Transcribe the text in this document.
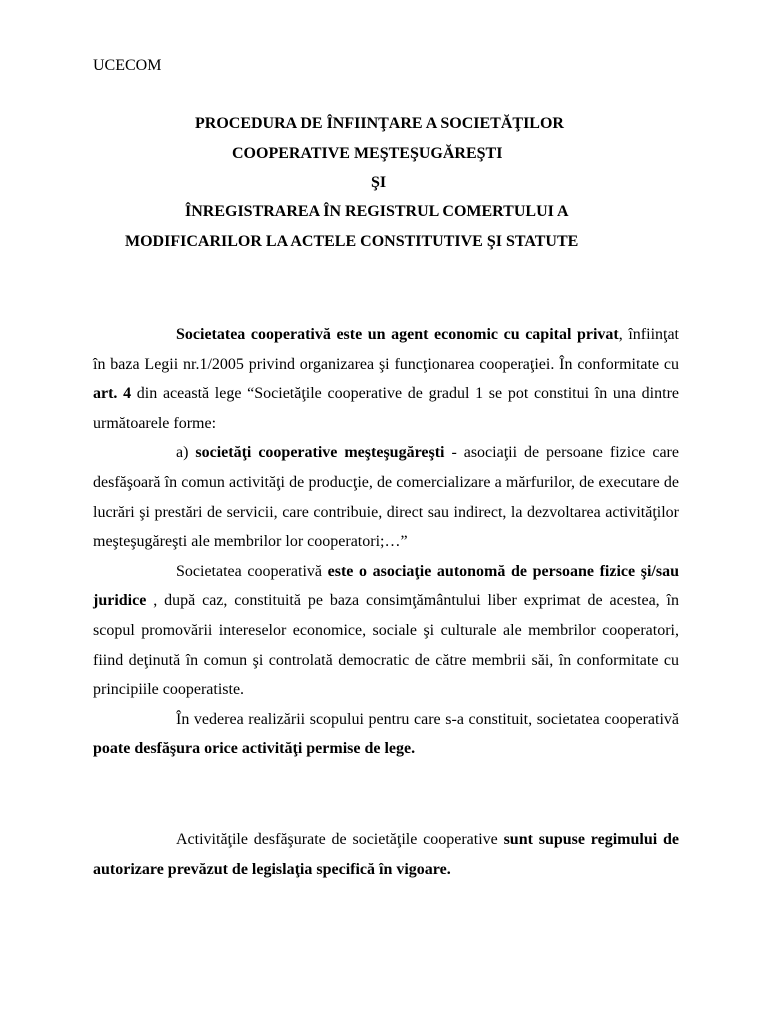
UCECOM
PROCEDURA DE ÎNFIINŢARE A SOCIETĂŢILOR
COOPERATIVE MEŞTEŞUGĂREŞTI
ŞI
ÎNREGISTRAREA ÎN REGISTRUL COMERTULUI A
MODIFICARILOR LA ACTELE CONSTITUTIVE ŞI STATUTE

Societatea cooperativă este un agent economic cu capital privat, înfiinţat în baza Legii nr.1/2005 privind organizarea şi funcţionarea cooperaţiei. În conformitate cu art. 4 din această lege “Societăţile cooperative de gradul 1 se pot constitui în una dintre următoarele forme:

a) societăţi cooperative meşteşugăreşti - asociaţii de persoane fizice care desfăşoară în comun activităţi de producţie, de comercializare a mărfurilor, de executare de lucrări şi prestări de servicii, care contribuie, direct sau indirect, la dezvoltarea activităţilor meşteşugăreşti ale membrilor lor cooperatori;…”

Societatea cooperativă este o asociaţie autonomă de persoane fizice şi/sau juridice , după caz, constituită pe baza consimţământului liber exprimat de acestea, în scopul promovării intereselor economice, sociale şi culturale ale membrilor cooperatori, fiind deţinută în comun şi controlată democratic de către membrii săi, în conformitate cu principiile cooperatiste.

În vederea realizării scopului pentru care s-a constituit, societatea cooperativă poate desfăşura orice activităţi permise de lege.

Activităţile desfăşurate de societăţile cooperative sunt supuse regimului de autorizare prevăzut de legislaţia specifică în vigoare.
